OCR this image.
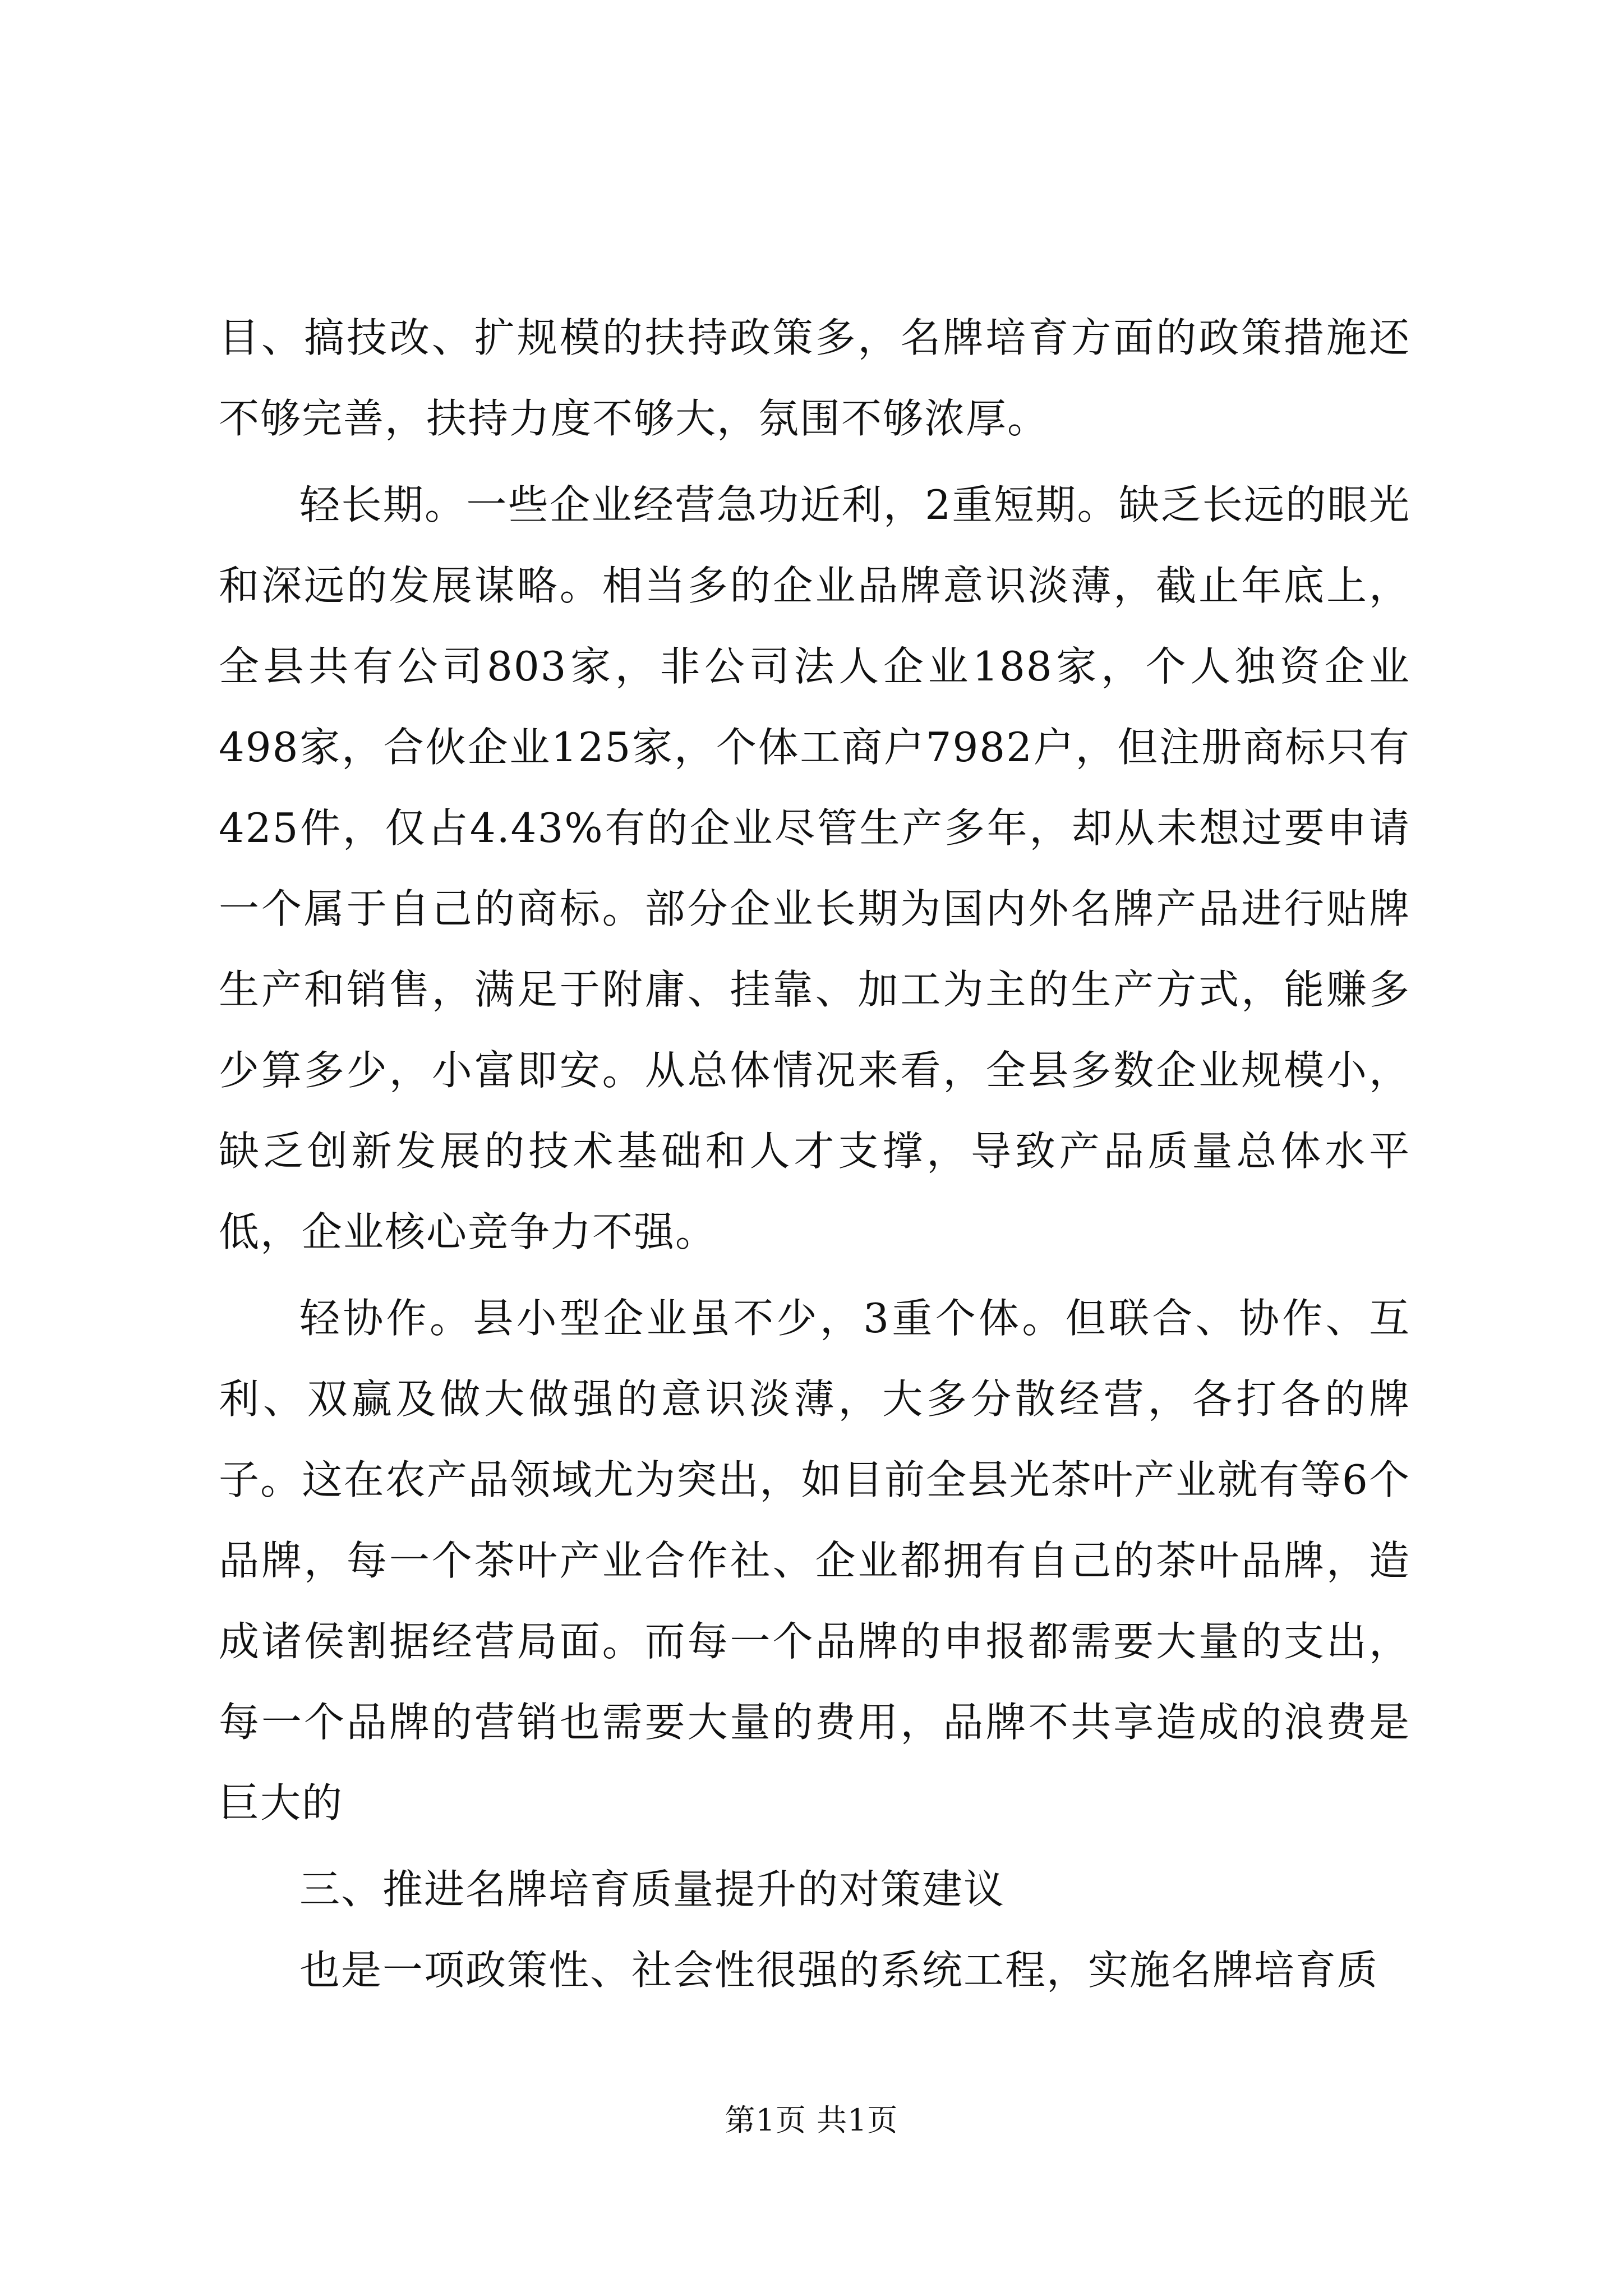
目、搞技改、扩规模的扶持政策多，名牌培育方面的政策措施还不够完善，扶持力度不够大，氛围不够浓厚。

轻长期。一些企业经营急功近利，2重短期。缺乏长远的眼光和深远的发展谋略。相当多的企业品牌意识淡薄，截止年底上，全县共有公司803家，非公司法人企业188家，个人独资企业498家，合伙企业125家，个体工商户7982户，但注册商标只有425件，仅占4.43%有的企业尽管生产多年，却从未想过要申请一个属于自己的商标。部分企业长期为国内外名牌产品进行贴牌生产和销售，满足于附庸、挂靠、加工为主的生产方式，能赚多少算多少，小富即安。从总体情况来看，全县多数企业规模小，缺乏创新发展的技术基础和人才支撑，导致产品质量总体水平低，企业核心竞争力不强。

轻协作。县小型企业虽不少，3重个体。但联合、协作、互利、双赢及做大做强的意识淡薄，大多分散经营，各打各的牌子。这在农产品领域尤为突出，如目前全县光茶叶产业就有等6个品牌，每一个茶叶产业合作社、企业都拥有自己的茶叶品牌，造成诸侯割据经营局面。而每一个品牌的申报都需要大量的支出，每一个品牌的营销也需要大量的费用，品牌不共享造成的浪费是巨大的

三、推进名牌培育质量提升的对策建议

也是一项政策性、社会性很强的系统工程，实施名牌培育质

第1页 共1页
